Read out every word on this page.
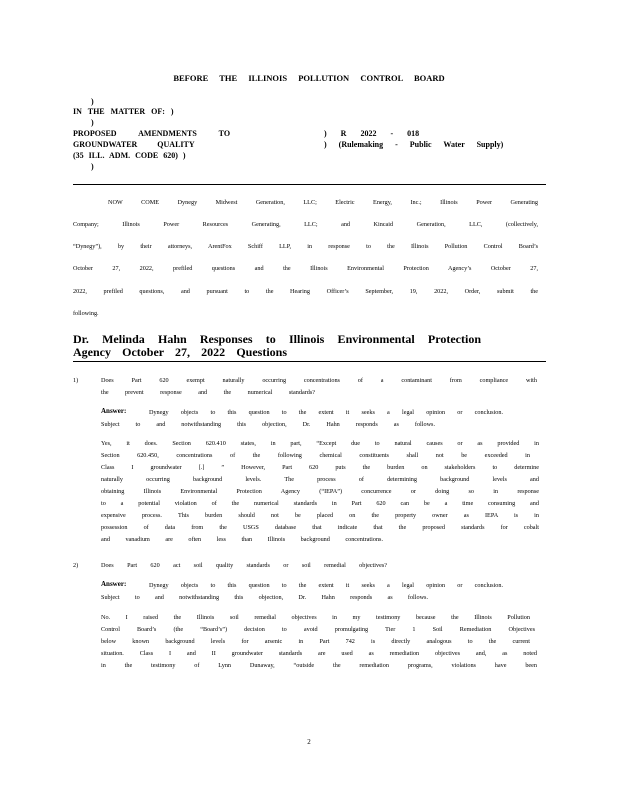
BEFORE THE ILLINOIS POLLUTION CONTROL BOARD
)
IN THE MATTER OF: )
)
PROPOSED AMENDMENTS TO
GROUNDWATER QUALITY
(35 ILL. ADM. CODE 620) )
)
) R 2022 - 018
) (Rulemaking - Public Water Supply)
NOW COME Dynegy Midwest Generation, LLC; Electric Energy, Inc.; Illinois Power Generating
Company; Illinois Power Resources Generating, LLC; and Kincaid Generation, LLC, (collectively,
“Dynegy”), by their attorneys, ArentFox Schiff LLP, in response to the Illinois Pollution Control Board’s
October 27, 2022, prefiled questions and the Illinois Environmental Protection Agency’s October 27,
2022, prefiled questions, and pursuant to the Hearing Officer’s September, 19, 2022, Order, submit the
following.
Dr. Melinda Hahn Responses to Illinois Environmental Protection
Agency October 27, 2022 Questions
1)	Does Part 620 exempt naturally occurring concentrations of a contaminant from compliance with
the prevent response and the numerical standards?
Answer:	Dynegy objects to this question to the extent it seeks a legal opinion or conclusion.
Subject to and notwithstanding this objection, Dr. Hahn responds as follows.
Yes, it does. Section 620.410 states, in part, “Except due to natural causes or as provided in
Section 620.450, concentrations of the following chemical constituents shall not be exceeded in
Class I groundwater [.] ” However, Part 620 puts the burden on stakeholders to determine
naturally occurring background levels. The process of determining background levels and
obtaining Illinois Environmental Protection Agency (“IEPA”) concurrence or doing so in response
to a potential violation of the numerical standards in Part 620 can be a time consuming and
expensive process. This burden should not be placed on the property owner as IEPA is in
possession of data from the USGS database that indicate that the proposed standards for cobalt
and vanadium are often less than Illinois background concentrations.
2)	Does Part 620 act soil quality standards or soil remedial objectives?
Answer:	Dynegy objects to this question to the extent it seeks a legal opinion or conclusion.
Subject to and notwithstanding this objection, Dr. Hahn responds as follows.
No. I raised the Illinois soil remedial objectives in my testimony because the Illinois Pollution
Control Board’s (the “Board’s”) decision to avoid promulgating Tier 1 Soil Remediation Objectives
below known background levels for arsenic in Part 742 is directly analogous to the current
situation. Class I and II groundwater standards are used as remediation objectives and, as noted
in the testimony of Lynn Dunaway, “outside the remediation programs, violations have been
2
